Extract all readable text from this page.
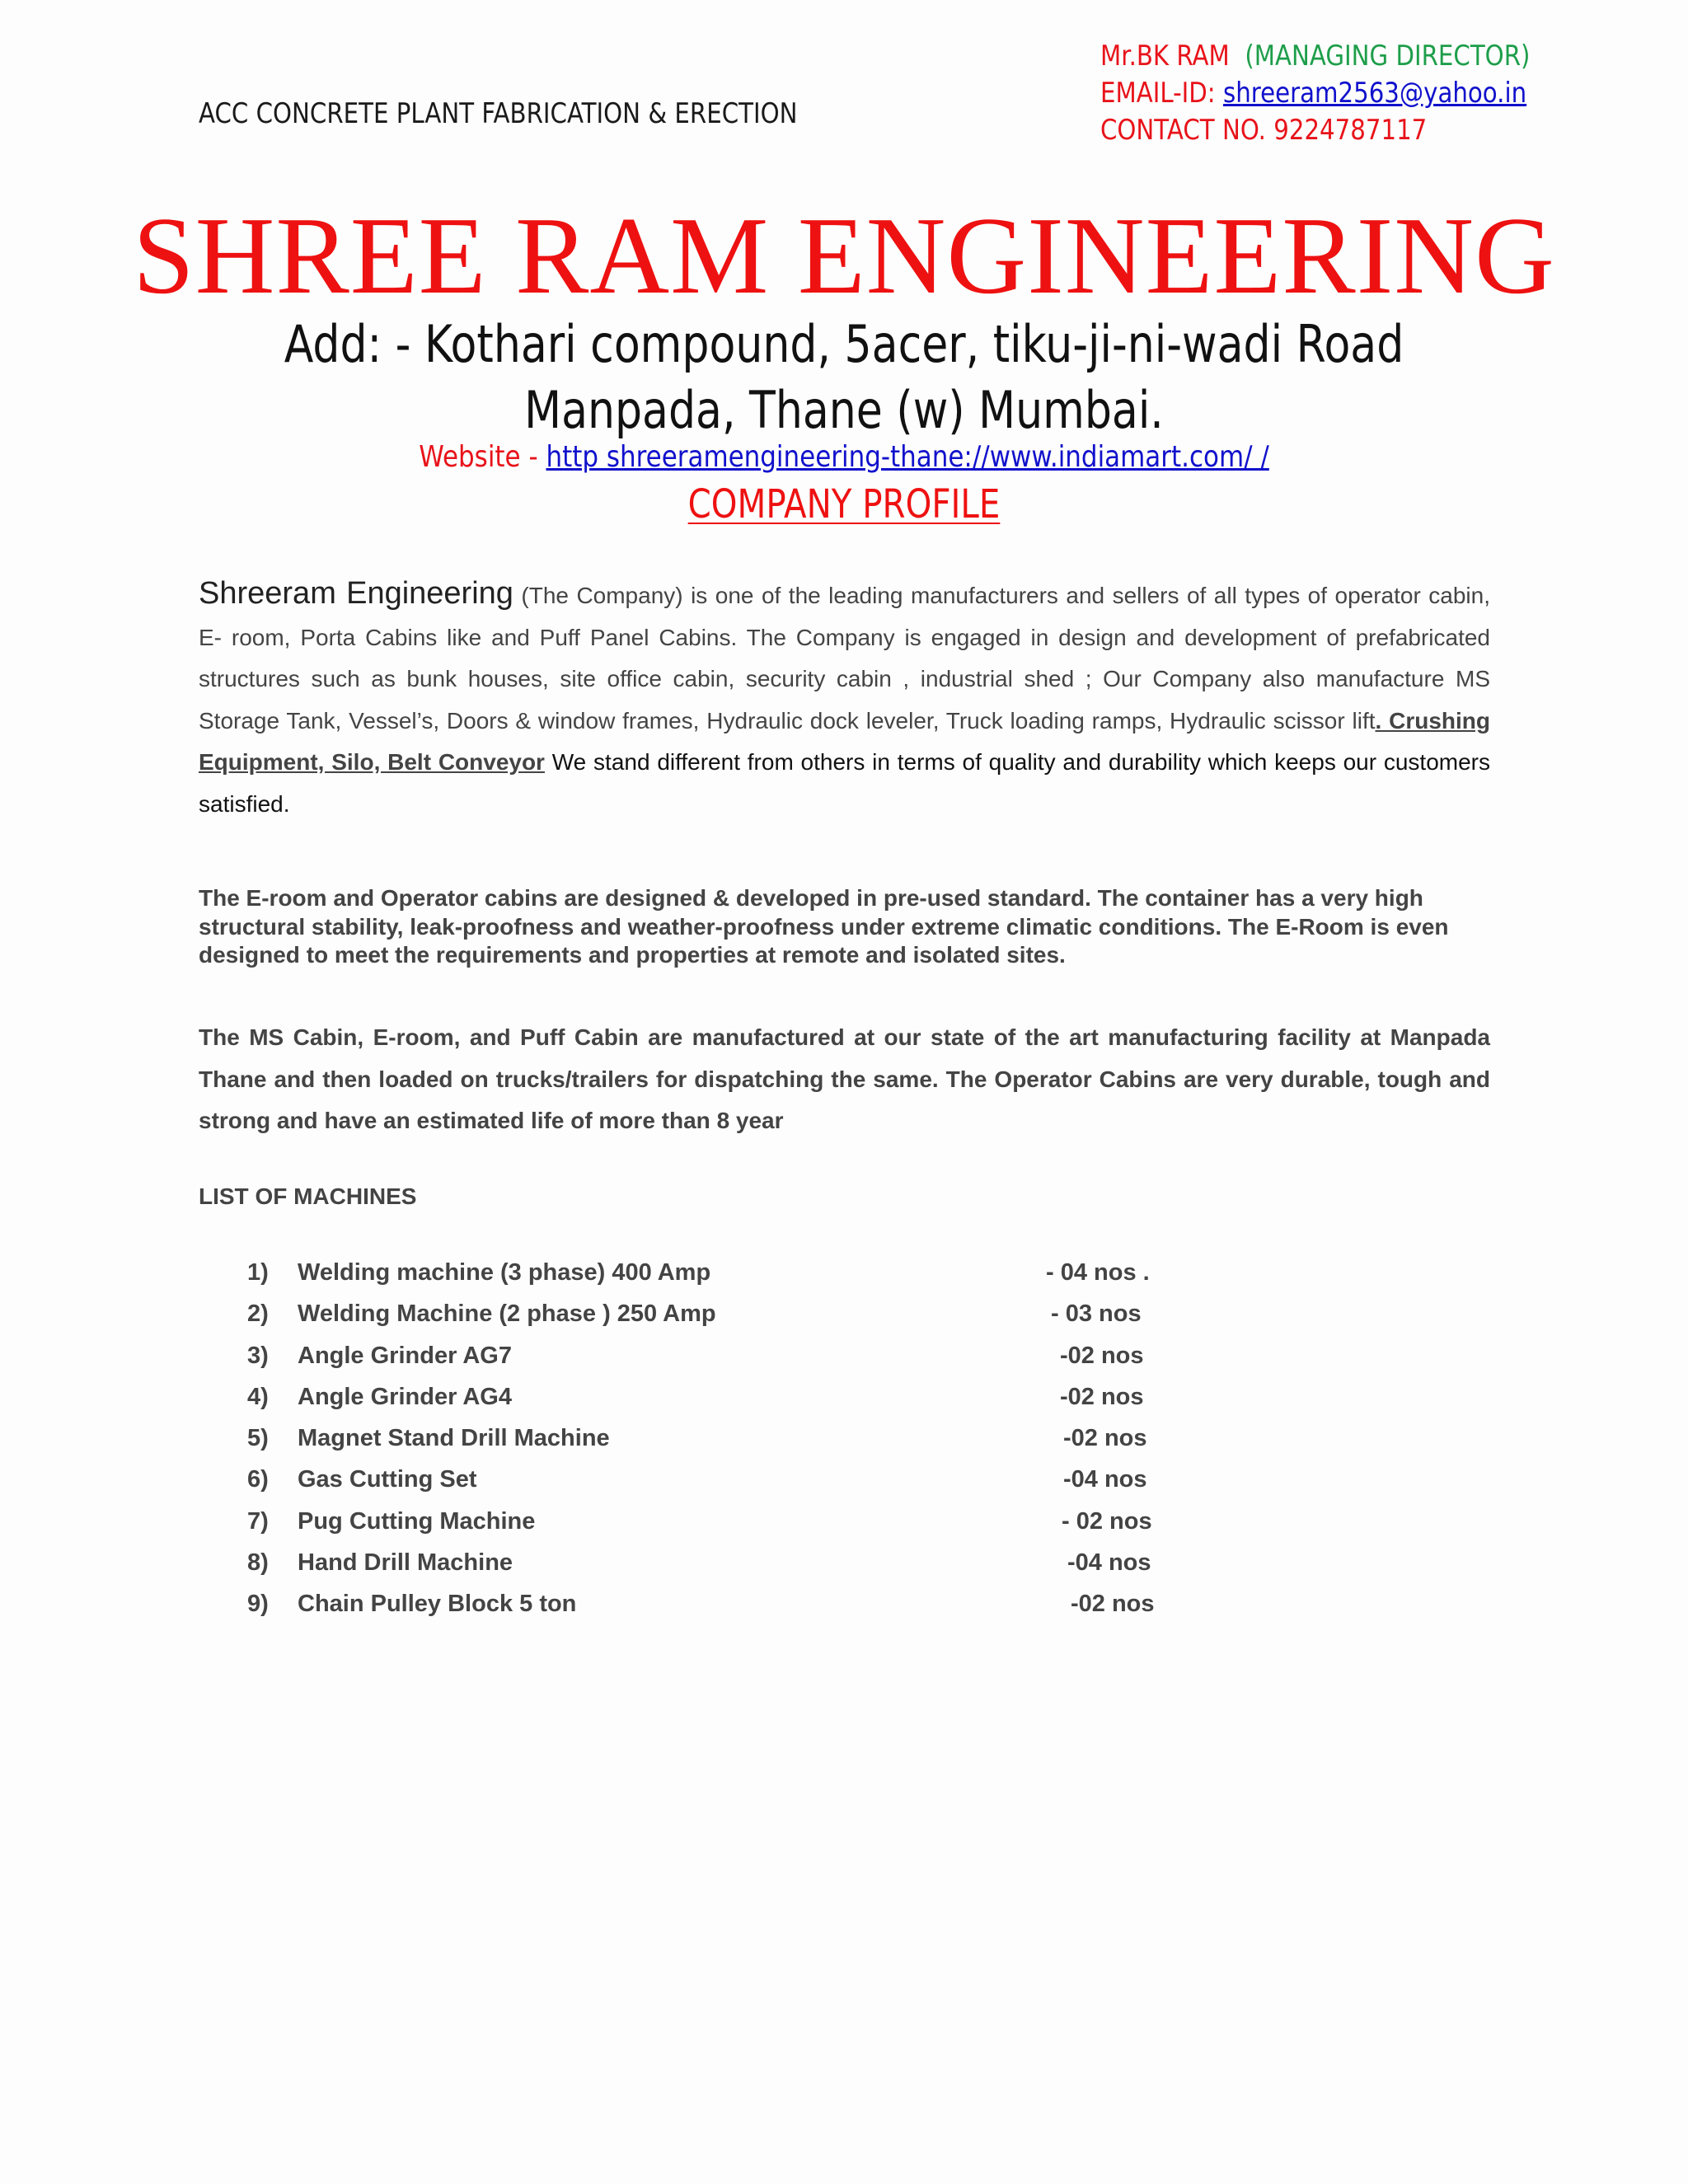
ACC CONCRETE PLANT FABRICATION & ERECTION
Mr.BK RAM (MANAGING DIRECTOR)
EMAIL-ID: shreeram2563@yahoo.in
CONTACT NO. 9224787117
SHREE RAM ENGINEERING
Add: - Kothari compound, 5acer, tiku-ji-ni-wadi Road
Manpada, Thane (w) Mumbai.
Website - http shreeramengineering-thane://www.indiamart.com/ /
COMPANY PROFILE
Shreeram Engineering (The Company) is one of the leading manufacturers and sellers of all types of operator cabin, E- room, Porta Cabins like and Puff Panel Cabins. The Company is engaged in design and development of prefabricated structures such as bunk houses, site office cabin, security cabin , industrial shed ; Our Company also manufacture MS Storage Tank, Vessel’s, Doors & window frames, Hydraulic dock leveler, Truck loading ramps, Hydraulic scissor lift. Crushing Equipment, Silo, Belt Conveyor We stand different from others in terms of quality and durability which keeps our customers satisfied.
The E-room and Operator cabins are designed & developed in pre-used standard. The container has a very high structural stability, leak-proofness and weather-proofness under extreme climatic conditions. The E-Room is even designed to meet the requirements and properties at remote and isolated sites.
The MS Cabin, E-room, and Puff Cabin are manufactured at our state of the art manufacturing facility at Manpada Thane and then loaded on trucks/trailers for dispatching the same. The Operator Cabins are very durable, tough and strong and have an estimated life of more than 8 year
LIST OF MACHINES
1) Welding machine (3 phase) 400 Amp	- 04 nos .
2) Welding Machine (2 phase ) 250 Amp	- 03 nos
3) Angle Grinder AG7	-02 nos
4) Angle Grinder AG4	-02 nos
5) Magnet Stand Drill Machine	-02 nos
6) Gas Cutting Set	-04 nos
7) Pug Cutting Machine	- 02 nos
8) Hand Drill Machine	-04 nos
9) Chain Pulley Block 5 ton	-02 nos
